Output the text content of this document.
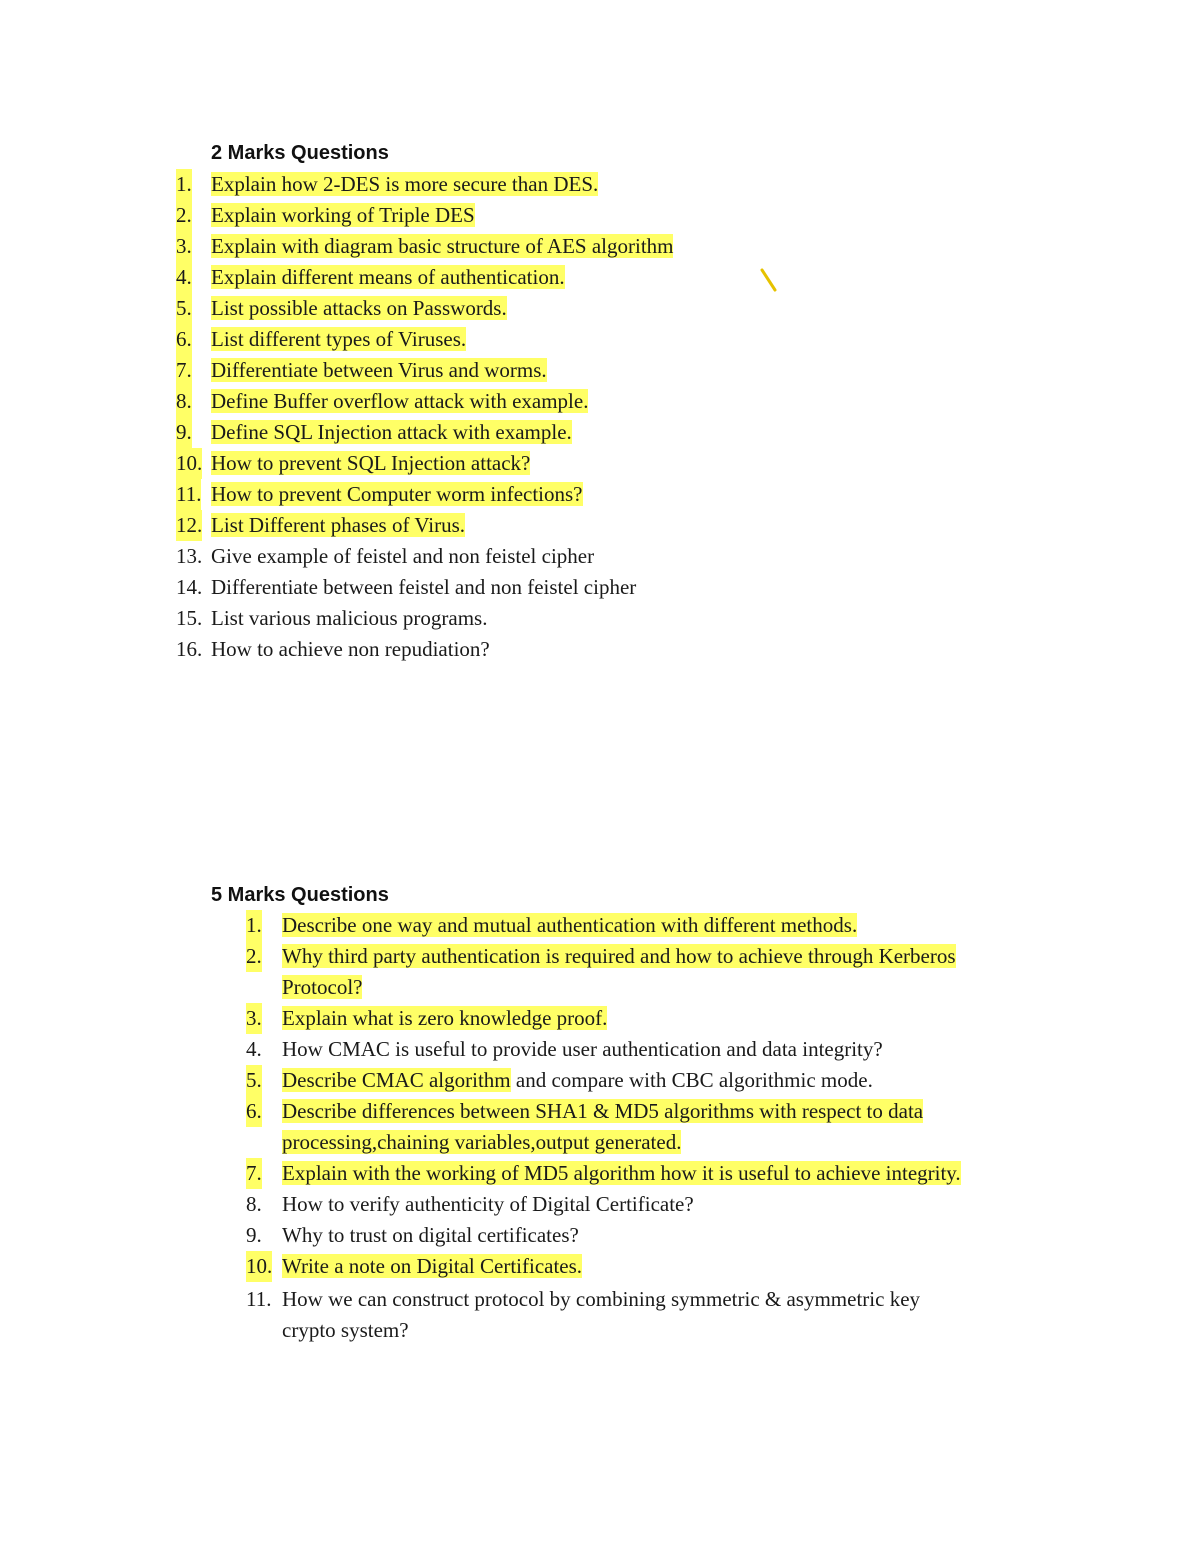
2 Marks Questions
1. Explain how 2-DES is more secure than DES.
2. Explain working of Triple DES
3. Explain with diagram basic structure of AES algorithm
4. Explain different means of authentication.
5. List possible attacks on Passwords.
6. List different types of Viruses.
7. Differentiate between Virus and worms.
8. Define Buffer overflow attack with example.
9. Define SQL Injection attack with example.
10. How to prevent SQL Injection attack?
11. How to prevent Computer worm infections?
12. List Different phases of Virus.
13. Give example of feistel and non feistel cipher
14. Differentiate between feistel and non feistel cipher
15. List various malicious programs.
16. How to achieve non repudiation?
5 Marks Questions
1. Describe one way and mutual authentication with different methods.
2. Why third party authentication is required and how to achieve through Kerberos
Protocol?
3. Explain what is zero knowledge proof.
4. How CMAC is useful to provide user authentication and data integrity?
5. Describe CMAC algorithm and compare with CBC algorithmic mode.
6. Describe differences between SHA1 & MD5 algorithms with respect to data
processing,chaining variables,output generated.
7. Explain with the working of MD5 algorithm how it is useful to achieve integrity.
8. How to verify authenticity of Digital Certificate?
9. Why to trust on digital certificates?
10. Write a note on Digital Certificates.
11. How we can construct protocol by combining symmetric & asymmetric key
crypto system?
